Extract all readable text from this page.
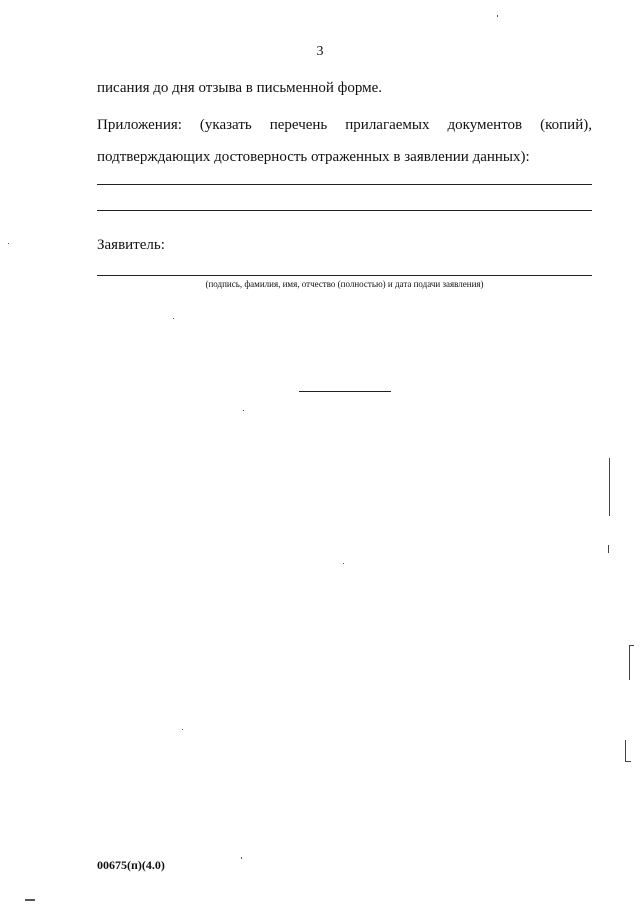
3
писания до дня отзыва в письменной форме.
Приложения: (указать перечень прилагаемых документов (копий), подтверждающих достоверность отраженных в заявлении данных):
Заявитель:
(подпись, фамилия, имя, отчество (полностью) и дата подачи заявления)
00675(п)(4.0)
